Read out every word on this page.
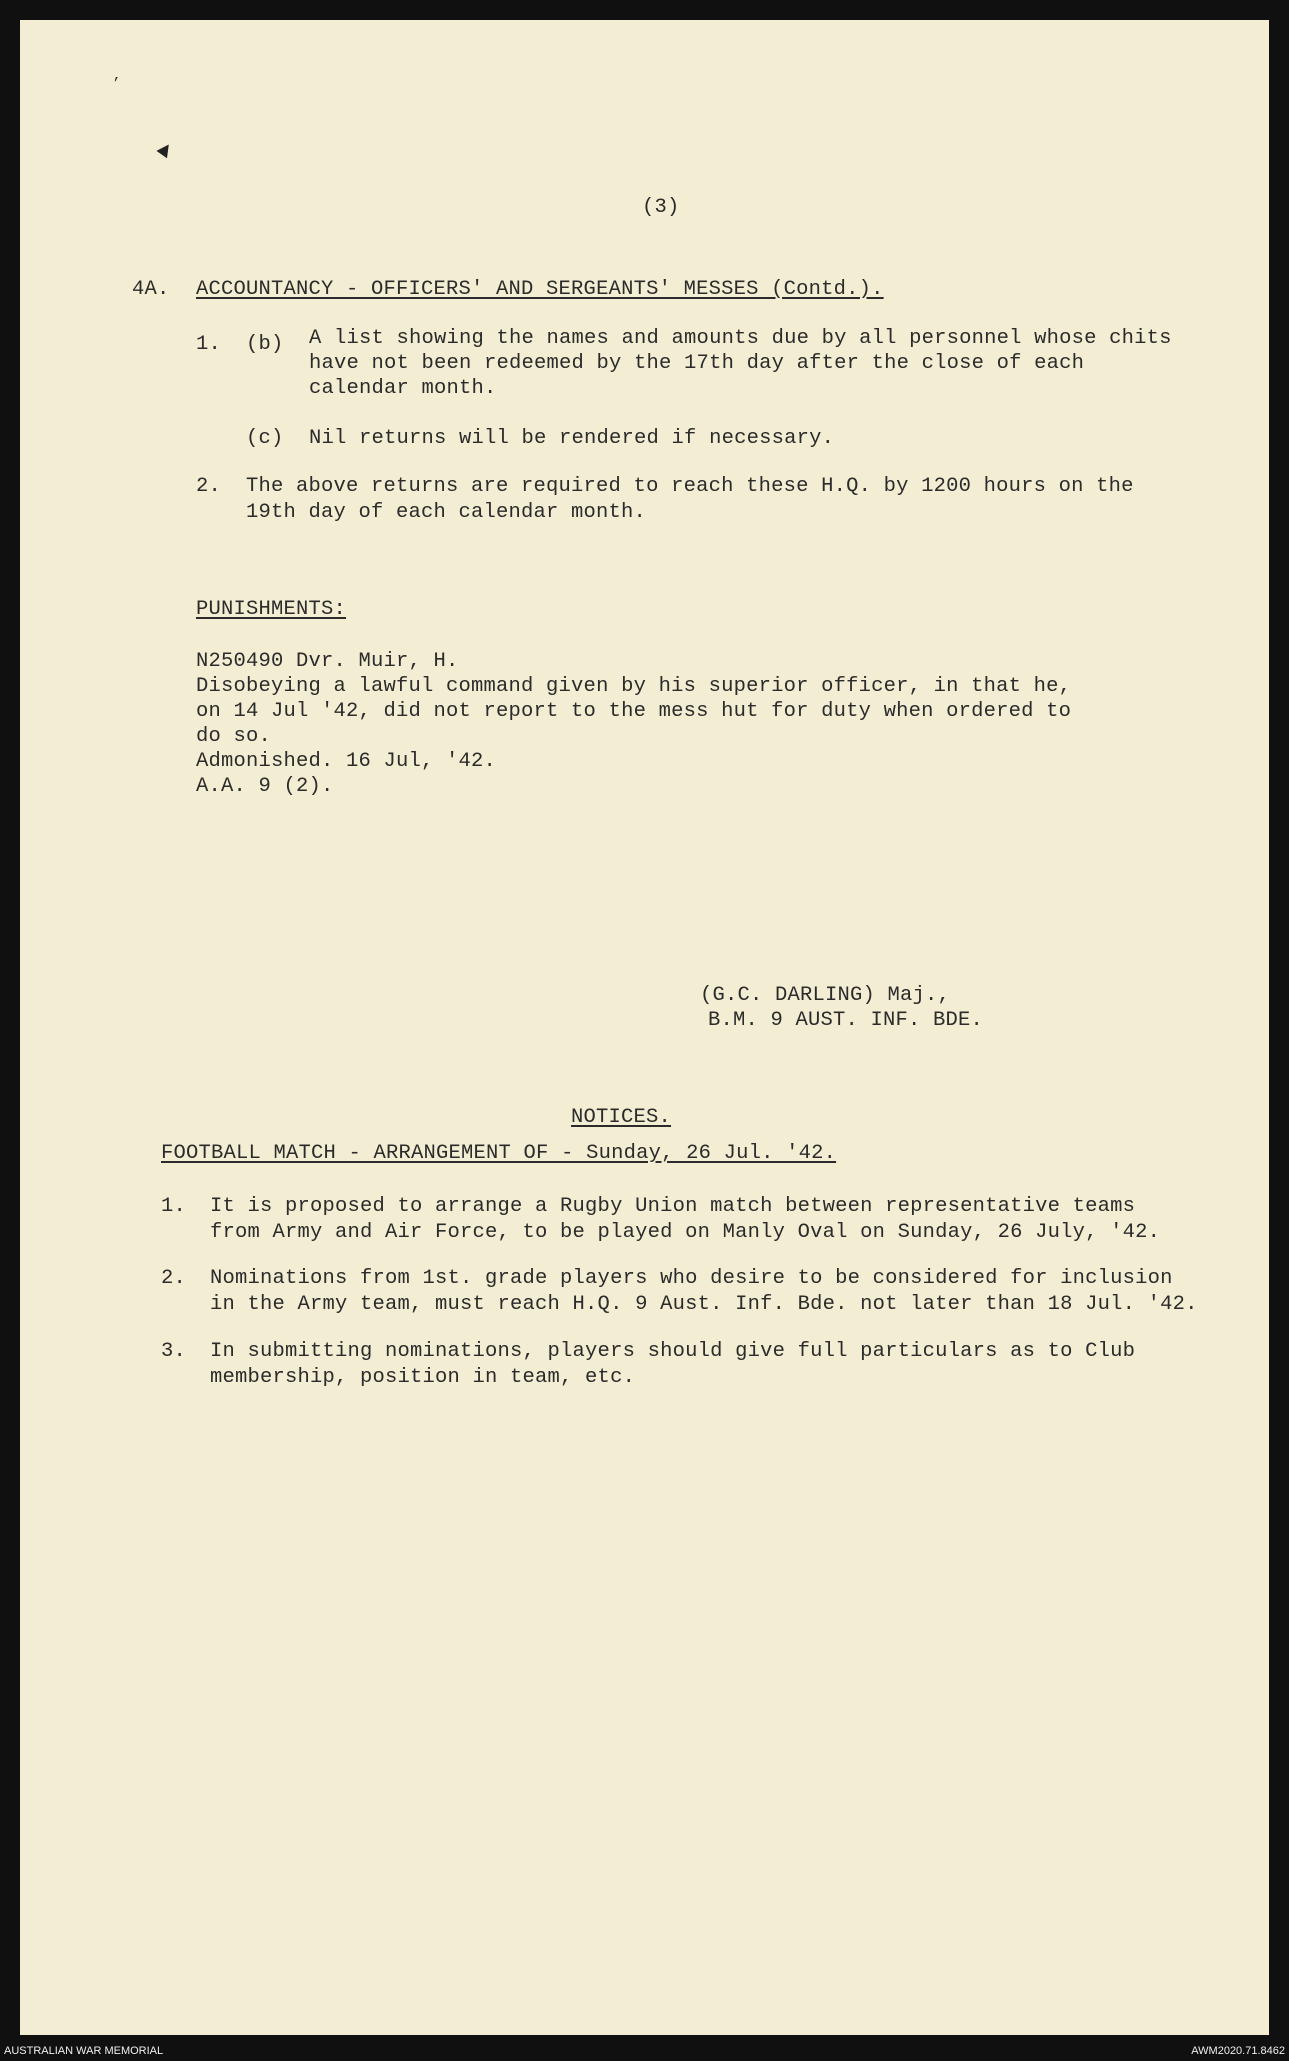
’
▲
(3)
4A. ACCOUNTANCY - OFFICERS' AND SERGEANTS' MESSES (Contd.).
1. (b) A list showing the names and amounts due by all personnel whose chits
have not been redeemed by the 17th day after the close of each
calendar month.
(c) Nil returns will be rendered if necessary.
2. The above returns are required to reach these H.Q. by 1200 hours on the
19th day of each calendar month.
PUNISHMENTS:
N250490 Dvr. Muir, H.
Disobeying a lawful command given by his superior officer, in that he,
on 14 Jul '42, did not report to the mess hut for duty when ordered to
do so.
Admonished. 16 Jul, '42.
A.A. 9 (2).
(G.C. DARLING) Maj.,
B.M. 9 AUST. INF. BDE.
NOTICES.
FOOTBALL MATCH - ARRANGEMENT OF - Sunday, 26 Jul. '42.
1. It is proposed to arrange a Rugby Union match between representative teams
from Army and Air Force, to be played on Manly Oval on Sunday, 26 July, '42.
2. Nominations from 1st. grade players who desire to be considered for inclusion
in the Army team, must reach H.Q. 9 Aust. Inf. Bde. not later than 18 Jul. '42.
3. In submitting nominations, players should give full particulars as to Club
membership, position in team, etc.
AUSTRALIAN WAR MEMORIAL	AWM2020.71.8462
